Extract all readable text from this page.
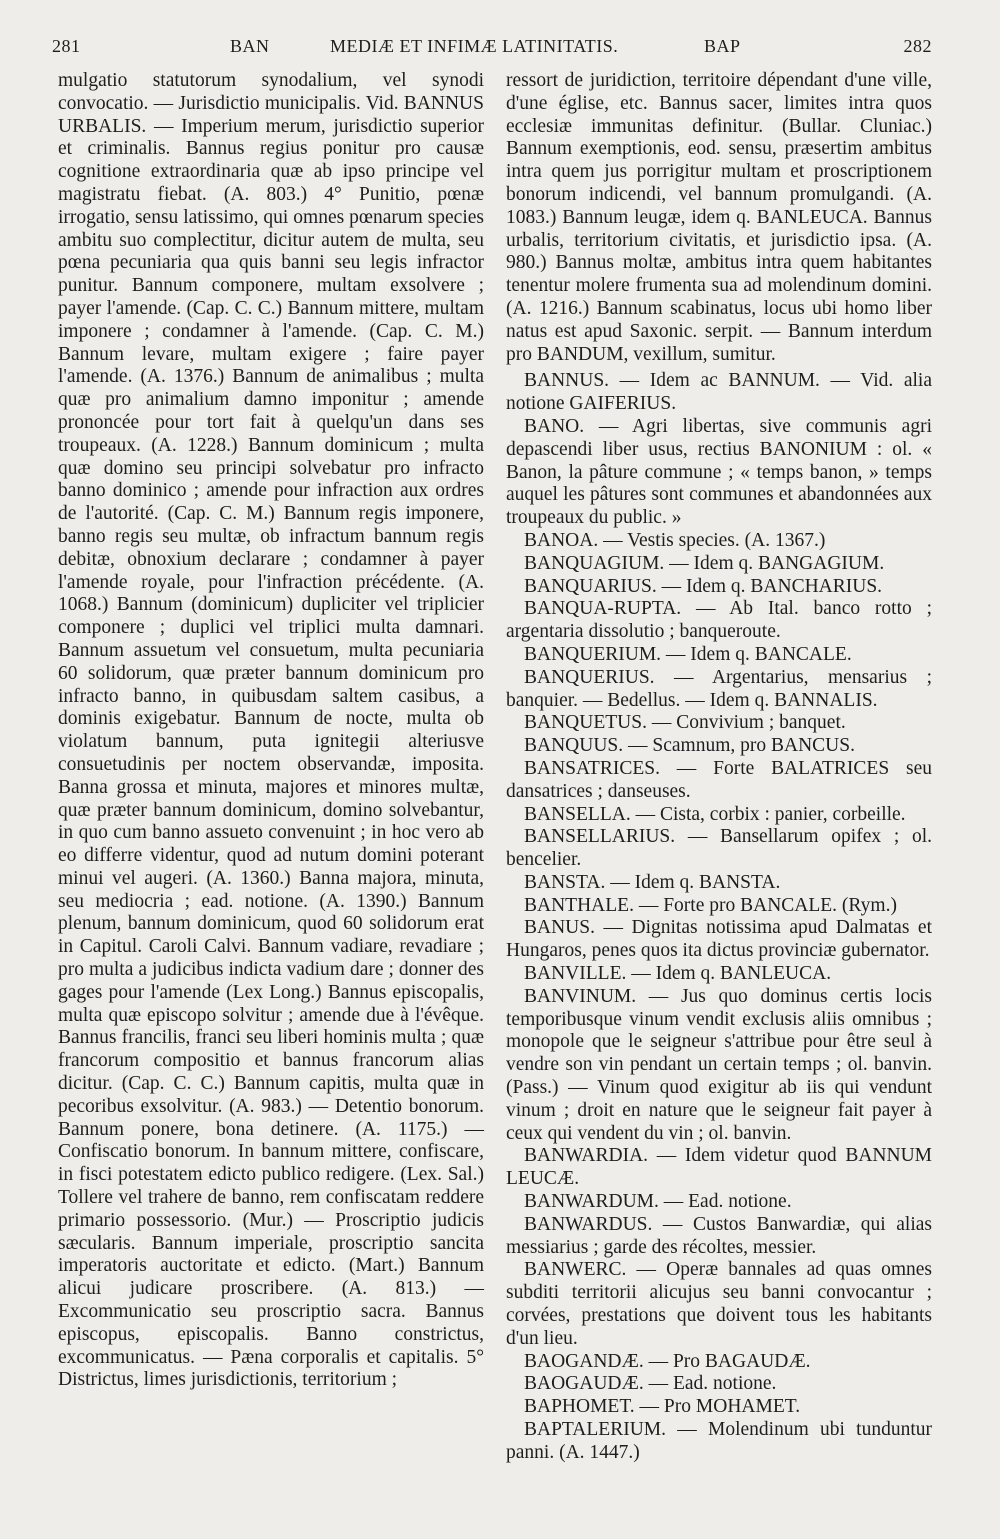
281	BAN	MEDIÆ ET INFIMÆ LATINITATIS.	BAP	282

mulgatio statutorum synodalium, vel synodi convocatio. — Jurisdictio municipalis. Vid. BANNUS URBALIS. — Imperium merum, jurisdictio superior et criminalis. Bannus regius ponitur pro causæ cognitione extraordinaria quæ ab ipso principe vel magistratu fiebat. (A. 803.) 4° Punitio, pœnæ irrogatio, sensu latissimo, qui omnes pœnarum species ambitu suo complectitur, dicitur autem de multa, seu pœna pecuniaria qua quis banni seu legis infractor punitur. Bannum componere, multam exsolvere ; payer l'amende. (Cap. C. C.) Bannum mittere, multam imponere ; condamner à l'amende. (Cap. C. M.) Bannum levare, multam exigere ; faire payer l'amende. (A. 1376.) Bannum de animalibus ; multa quæ pro animalium damno imponitur ; amende prononcée pour tort fait à quelqu'un dans ses troupeaux. (A. 1228.) Bannum dominicum ; multa quæ domino seu principi solvebatur pro infracto banno dominico ; amende pour infraction aux ordres de l'autorité. (Cap. C. M.) Bannum regis imponere, banno regis seu multæ, ob infractum bannum regis debitæ, obnoxium declarare ; condamner à payer l'amende royale, pour l'infraction précédente. (A. 1068.) Bannum (dominicum) dupliciter vel triplicier componere ; duplici vel triplici multa damnari. Bannum assuetum vel consuetum, multa pecuniaria 60 solidorum, quæ præter bannum dominicum pro infracto banno, in quibusdam saltem casibus, a dominis exigebatur. Bannum de nocte, multa ob violatum bannum, puta ignitegii alteriusve consuetudinis per noctem observandæ, imposita. Banna grossa et minuta, majores et minores multæ, quæ præter bannum dominicum, domino solvebantur, in quo cum banno assueto convenuint ; in hoc vero ab eo differre videntur, quod ad nutum domini poterant minui vel augeri. (A. 1360.) Banna majora, minuta, seu mediocria ; ead. notione. (A. 1390.) Bannum plenum, bannum dominicum, quod 60 solidorum erat in Capitul. Caroli Calvi. Bannum vadiare, revadiare ; pro multa a judicibus indicta vadium dare ; donner des gages pour l'amende (Lex Long.) Bannus episcopalis, multa quæ episcopo solvitur ; amende due à l'évêque. Bannus francilis, franci seu liberi hominis multa ; quæ francorum compositio et bannus francorum alias dicitur. (Cap. C. C.) Bannum capitis, multa quæ in pecoribus exsolvitur. (A. 983.) — Detentio bonorum. Bannum ponere, bona detinere. (A. 1175.) — Confiscatio bonorum. In bannum mittere, confiscare, in fisci potestatem edicto publico redigere. (Lex. Sal.) Tollere vel trahere de banno, rem confiscatam reddere primario possessorio. (Mur.) — Proscriptio judicis sæcularis. Bannum imperiale, proscriptio sancita imperatoris auctoritate et edicto. (Mart.) Bannum alicui judicare proscribere. (A. 813.) — Excommunicatio seu proscriptio sacra. Bannus episcopus, episcopalis. Banno constrictus, excommunicatus. — Pæna corporalis et capitalis. 5° Districtus, limes jurisdictionis, territorium ;

ressort de juridiction, territoire dépendant d'une ville, d'une église, etc. Bannus sacer, limites intra quos ecclesiæ immunitas definitur. (Bullar. Cluniac.) Bannum exemptionis, eod. sensu, præsertim ambitus intra quem jus porrigitur multam et proscriptionem bonorum indicendi, vel bannum promulgandi. (A. 1083.) Bannum leugæ, idem q. BANLEUCA. Bannus urbalis, territorium civitatis, et jurisdictio ipsa. (A. 980.) Bannus moltæ, ambitus intra quem habitantes tenentur molere frumenta sua ad molendinum domini. (A. 1216.) Bannum scabinatus, locus ubi homo liber natus est apud Saxonic. serpit. — Bannum interdum pro BANDUM, vexillum, sumitur.

BANNUS. — Idem ac BANNUM. — Vid. alia notione GAIFERIUS.

BANO. — Agri libertas, sive communis agri depascendi liber usus, rectius BANONIUM : ol. « Banon, la pâture commune ; « temps banon, » temps auquel les pâtures sont communes et abandonnées aux troupeaux du public. »

BANOA. — Vestis species. (A. 1367.)

BANQUAGIUM. — Idem q. BANGAGIUM.

BANQUARIUS. — Idem q. BANCHARIUS.

BANQUA-RUPTA. — Ab Ital. banco rotto ; argentaria dissolutio ; banqueroute.

BANQUERIUM. — Idem q. BANCALE.

BANQUERIUS. — Argentarius, mensarius ; banquier. — Bedellus. — Idem q. BANNALIS.

BANQUETUS. — Convivium ; banquet.

BANQUUS. — Scamnum, pro BANCUS.

BANSATRICES. — Forte BALATRICES seu dansatrices ; danseuses.

BANSELLA. — Cista, corbix : panier, corbeille.

BANSELLARIUS. — Bansellarum opifex ; ol. bencelier.

BANSTA. — Idem q. BANSTA.

BANTHALE. — Forte pro BANCALE. (Rym.)

BANUS. — Dignitas notissima apud Dalmatas et Hungaros, penes quos ita dictus provinciæ gubernator.

BANVILLE. — Idem q. BANLEUCA.

BANVINUM. — Jus quo dominus certis locis temporibusque vinum vendit exclusis aliis omnibus ; monopole que le seigneur s'attribue pour être seul à vendre son vin pendant un certain temps ; ol. banvin. (Pass.) — Vinum quod exigitur ab iis qui vendunt vinum ; droit en nature que le seigneur fait payer à ceux qui vendent du vin ; ol. banvin.

BANWARDIA. — Idem videtur quod BANNUM LEUCÆ.

BANWARDUM. — Ead. notione.

BANWARDUS. — Custos Banwardiæ, qui alias messiarius ; garde des récoltes, messier.

BANWERC. — Operæ bannales ad quas omnes subditi territorii alicujus seu banni convocantur ; corvées, prestations que doivent tous les habitants d'un lieu.

BAOGANDÆ. — Pro BAGAUDÆ.

BAOGAUDÆ. — Ead. notione.

BAPHOMET. — Pro MOHAMET.

BAPTALERIUM. — Molendinum ubi tunduntur panni. (A. 1447.)
